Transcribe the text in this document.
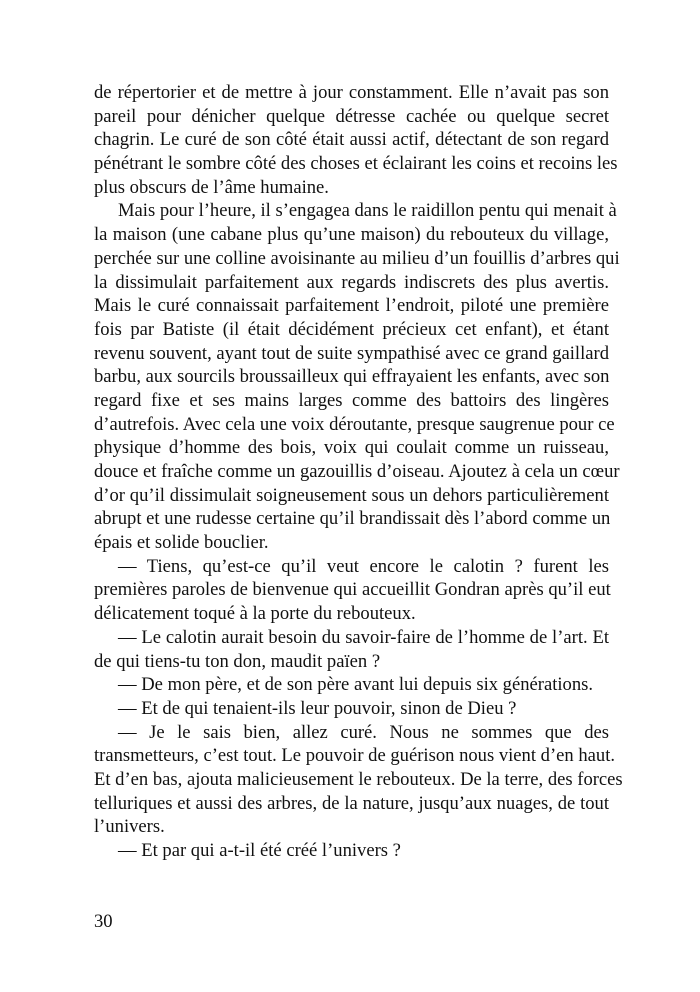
de répertorier et de mettre à jour constamment. Elle n’avait pas son
pareil pour dénicher quelque détresse cachée ou quelque secret
chagrin. Le curé de son côté était aussi actif, détectant de son regard
pénétrant le sombre côté des choses et éclairant les coins et recoins les
plus obscurs de l’âme humaine.
Mais pour l’heure, il s’engagea dans le raidillon pentu qui menait à
la maison (une cabane plus qu’une maison) du rebouteux du village,
perchée sur une colline avoisinante au milieu d’un fouillis d’arbres qui
la dissimulait parfaitement aux regards indiscrets des plus avertis.
Mais le curé connaissait parfaitement l’endroit, piloté une première
fois par Batiste (il était décidément précieux cet enfant), et étant
revenu souvent, ayant tout de suite sympathisé avec ce grand gaillard
barbu, aux sourcils broussailleux qui effrayaient les enfants, avec son
regard fixe et ses mains larges comme des battoirs des lingères
d’autrefois. Avec cela une voix déroutante, presque saugrenue pour ce
physique d’homme des bois, voix qui coulait comme un ruisseau,
douce et fraîche comme un gazouillis d’oiseau. Ajoutez à cela un cœur
d’or qu’il dissimulait soigneusement sous un dehors particulièrement
abrupt et une rudesse certaine qu’il brandissait dès l’abord comme un
épais et solide bouclier.
— Tiens, qu’est-ce qu’il veut encore le calotin ? furent les
premières paroles de bienvenue qui accueillit Gondran après qu’il eut
délicatement toqué à la porte du rebouteux.
— Le calotin aurait besoin du savoir-faire de l’homme de l’art. Et
de qui tiens-tu ton don, maudit païen ?
— De mon père, et de son père avant lui depuis six générations.
— Et de qui tenaient-ils leur pouvoir, sinon de Dieu ?
— Je le sais bien, allez curé. Nous ne sommes que des
transmetteurs, c’est tout. Le pouvoir de guérison nous vient d’en haut.
Et d’en bas, ajouta malicieusement le rebouteux. De la terre, des forces
telluriques et aussi des arbres, de la nature, jusqu’aux nuages, de tout
l’univers.
— Et par qui a-t-il été créé l’univers ?
30
